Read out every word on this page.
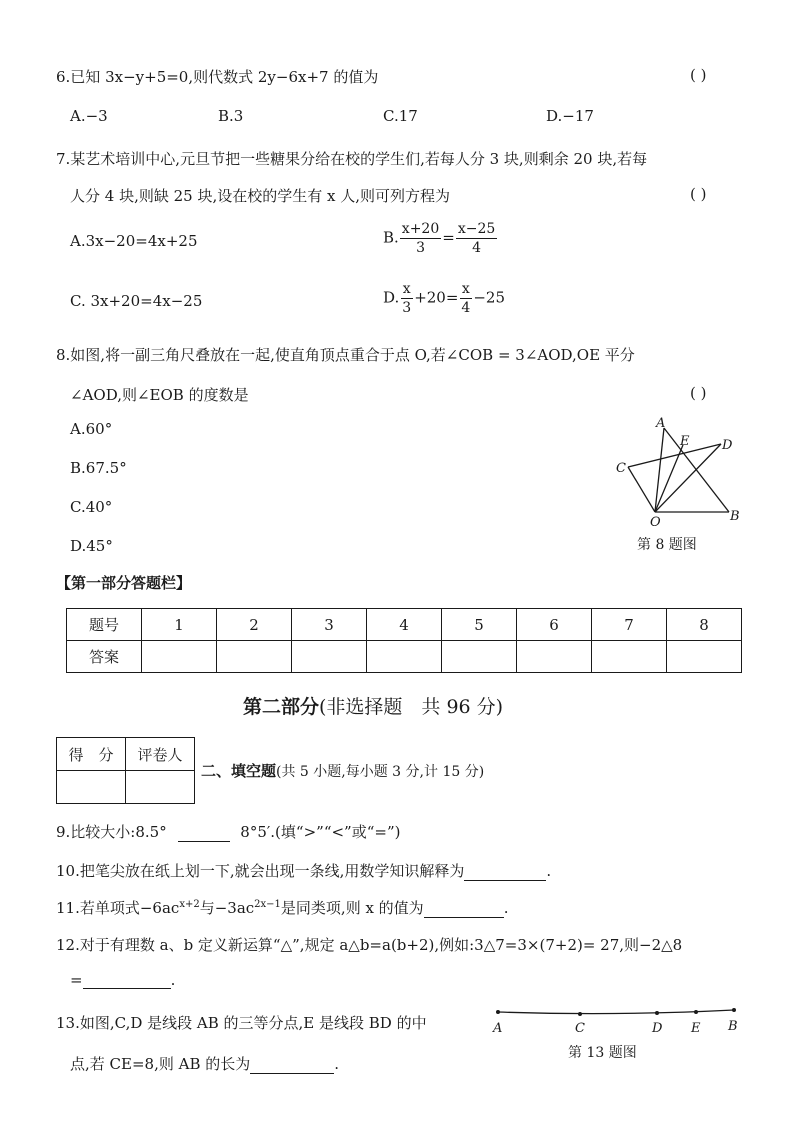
6.已知 3x−y+5=0,则代数式 2y−6x+7 的值为	( )
A.−3	B.3	C.17	D.−17
7.某艺术培训中心,元旦节把一些糖果分给在校的学生们,若每人分 3 块,则剩余 20 块,若每
人分 4 块,则缺 25 块,设在校的学生有 x 人,则可列方程为	( )
A.3x−20=4x+25	B. $\frac{x+20}{3} = \frac{x-25}{4}$
C. 3x+20=4x−25	D. $\frac{x}{3} +20= \frac{x}{4} -25$
8.如图,将一副三角尺叠放在一起,使直角顶点重合于点 O,若∠COB = 3∠AOD,OE 平分
∠AOD,则∠EOB 的度数是	( )
A.60°
B.67.5°
C.40°
D.45°
A
E	D
C
O	B
第 8 题图
【第一部分答题栏】
题号	1	2	3	4	5	6	7	8
答案								
第二部分(非选择题　共 96 分)
得　分	评卷人

二、填空题(共 5 小题,每小题 3 分,计 15 分)
9.比较大小:8.5°	8°5′.(填“>”“<”或“=”)
10.把笔尖放在纸上划一下,就会出现一条线,用数学知识解释为	.
11.若单项式$-6ac^{x+2}$与$-3ac^{2x-1}$是同类项,则 x 的值为	.
12.对于有理数 a、b 定义新运算“△”,规定 a△b=a(b+2),例如:3△7=3×(7+2)= 27,则−2△8
=	.
13.如图,C,D 是线段 AB 的三等分点,E 是线段 BD 的中
点,若 CE=8,则 AB 的长为	.
A	C	D E B
第 13 题图
